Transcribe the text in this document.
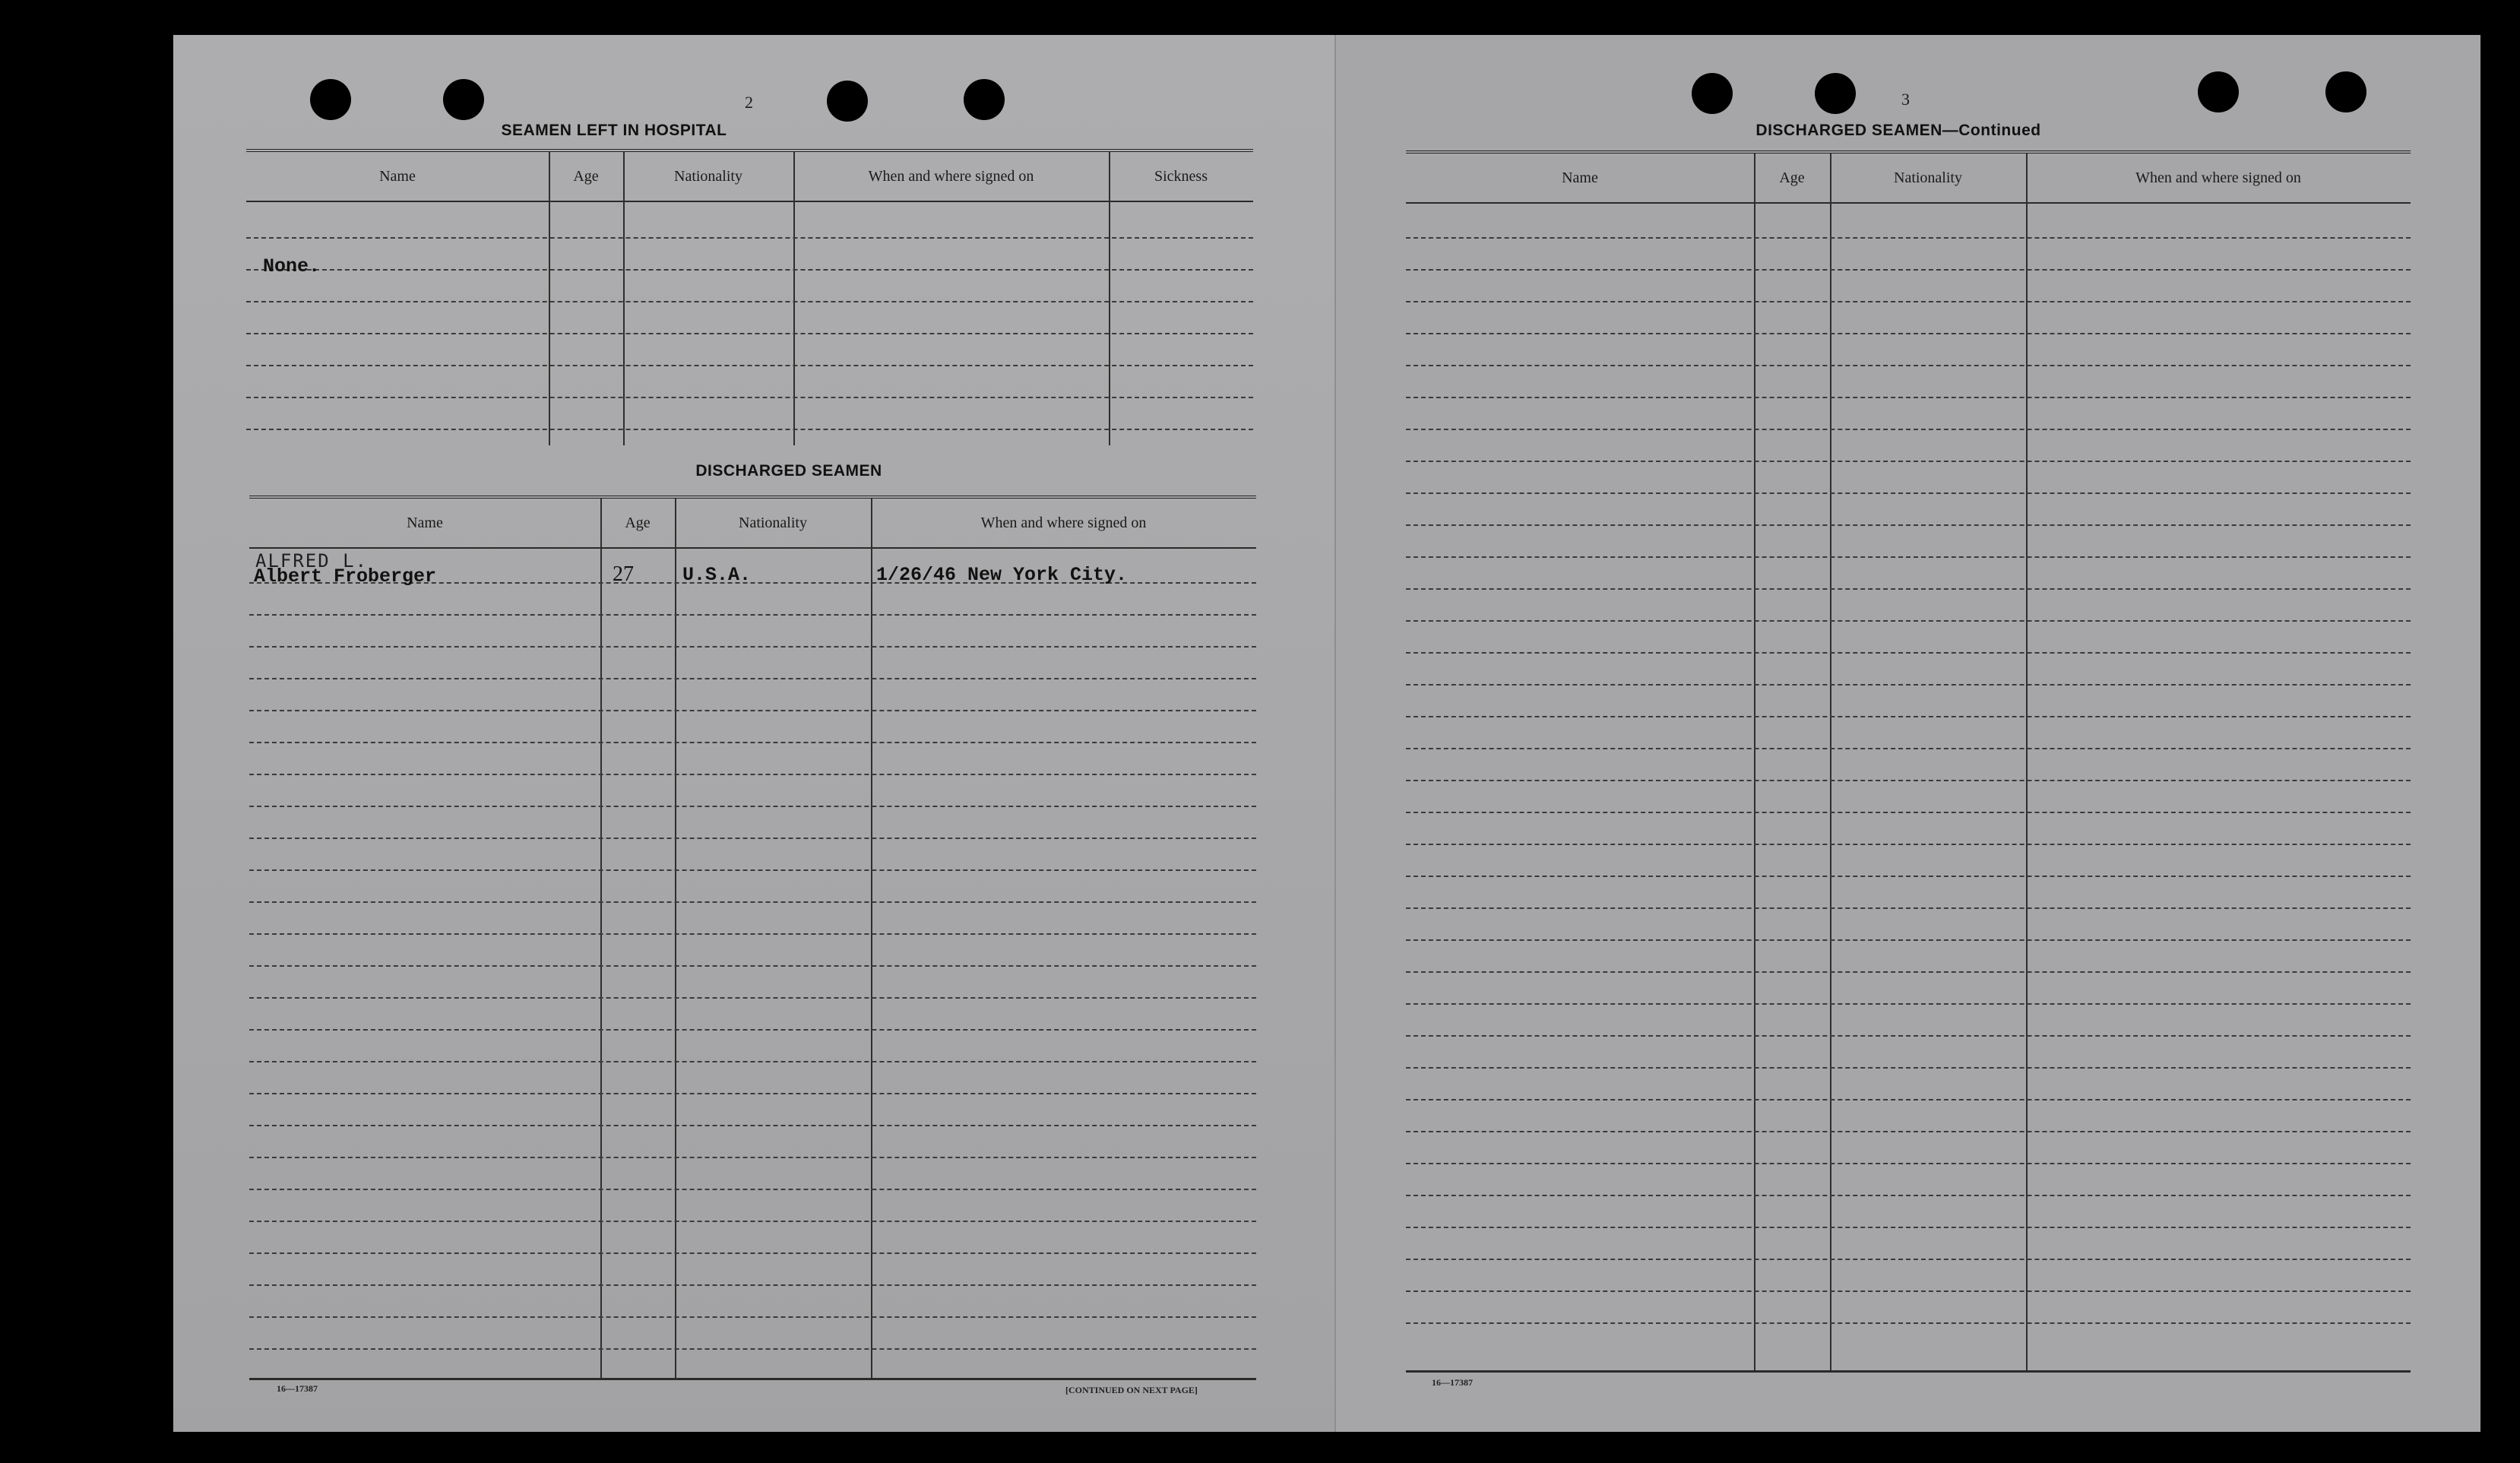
2
SEAMEN LEFT IN HOSPITAL
Name	Age	Nationality	When and where signed on	Sickness
None.
DISCHARGED SEAMEN
Name	Age	Nationality	When and where signed on
ALFRED L.
Albert Froberger	27	U.S.A.	1/26/46 New York City.
16—17387	[CONTINUED ON NEXT PAGE]
3
DISCHARGED SEAMEN—Continued
Name	Age	Nationality	When and where signed on
16—17387
